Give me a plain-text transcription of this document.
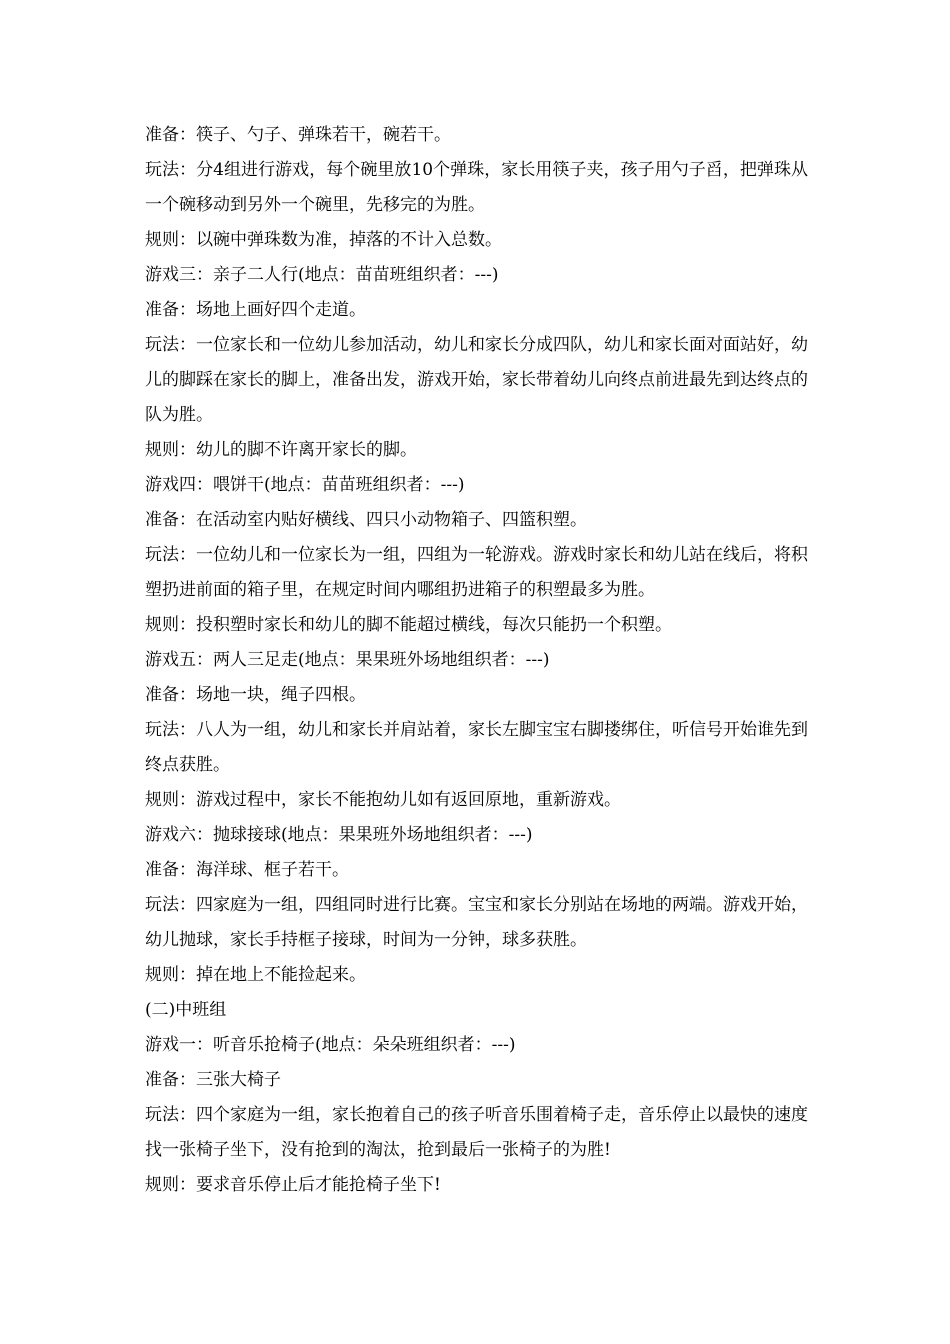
准备：筷子、勺子、弹珠若干，碗若干。

玩法：分4组进行游戏，每个碗里放10个弹珠，家长用筷子夹，孩子用勺子舀，把弹珠从一个碗移动到另外一个碗里，先移完的为胜。

规则：以碗中弹珠数为准，掉落的不计入总数。

游戏三：亲子二人行(地点：苗苗班组织者：---)

准备：场地上画好四个走道。

玩法：一位家长和一位幼儿参加活动，幼儿和家长分成四队，幼儿和家长面对面站好，幼儿的脚踩在家长的脚上，准备出发，游戏开始，家长带着幼儿向终点前进最先到达终点的队为胜。

规则：幼儿的脚不许离开家长的脚。

游戏四：喂饼干(地点：苗苗班组织者：---)

准备：在活动室内贴好横线、四只小动物箱子、四篮积塑。

玩法：一位幼儿和一位家长为一组，四组为一轮游戏。游戏时家长和幼儿站在线后，将积塑扔进前面的箱子里，在规定时间内哪组扔进箱子的积塑最多为胜。

规则：投积塑时家长和幼儿的脚不能超过横线，每次只能扔一个积塑。

游戏五：两人三足走(地点：果果班外场地组织者：---)

准备：场地一块，绳子四根。

玩法：八人为一组，幼儿和家长并肩站着，家长左脚宝宝右脚搂绑住，听信号开始谁先到终点获胜。

规则：游戏过程中，家长不能抱幼儿如有返回原地，重新游戏。

游戏六：抛球接球(地点：果果班外场地组织者：---)

准备：海洋球、框子若干。

玩法：四家庭为一组，四组同时进行比赛。宝宝和家长分别站在场地的两端。游戏开始，幼儿抛球，家长手持框子接球，时间为一分钟，球多获胜。

规则：掉在地上不能捡起来。

(二)中班组

游戏一：听音乐抢椅子(地点：朵朵班组织者：---)

准备：三张大椅子

玩法：四个家庭为一组，家长抱着自己的孩子听音乐围着椅子走，音乐停止以最快的速度找一张椅子坐下，没有抢到的淘汰，抢到最后一张椅子的为胜!

规则：要求音乐停止后才能抢椅子坐下!
